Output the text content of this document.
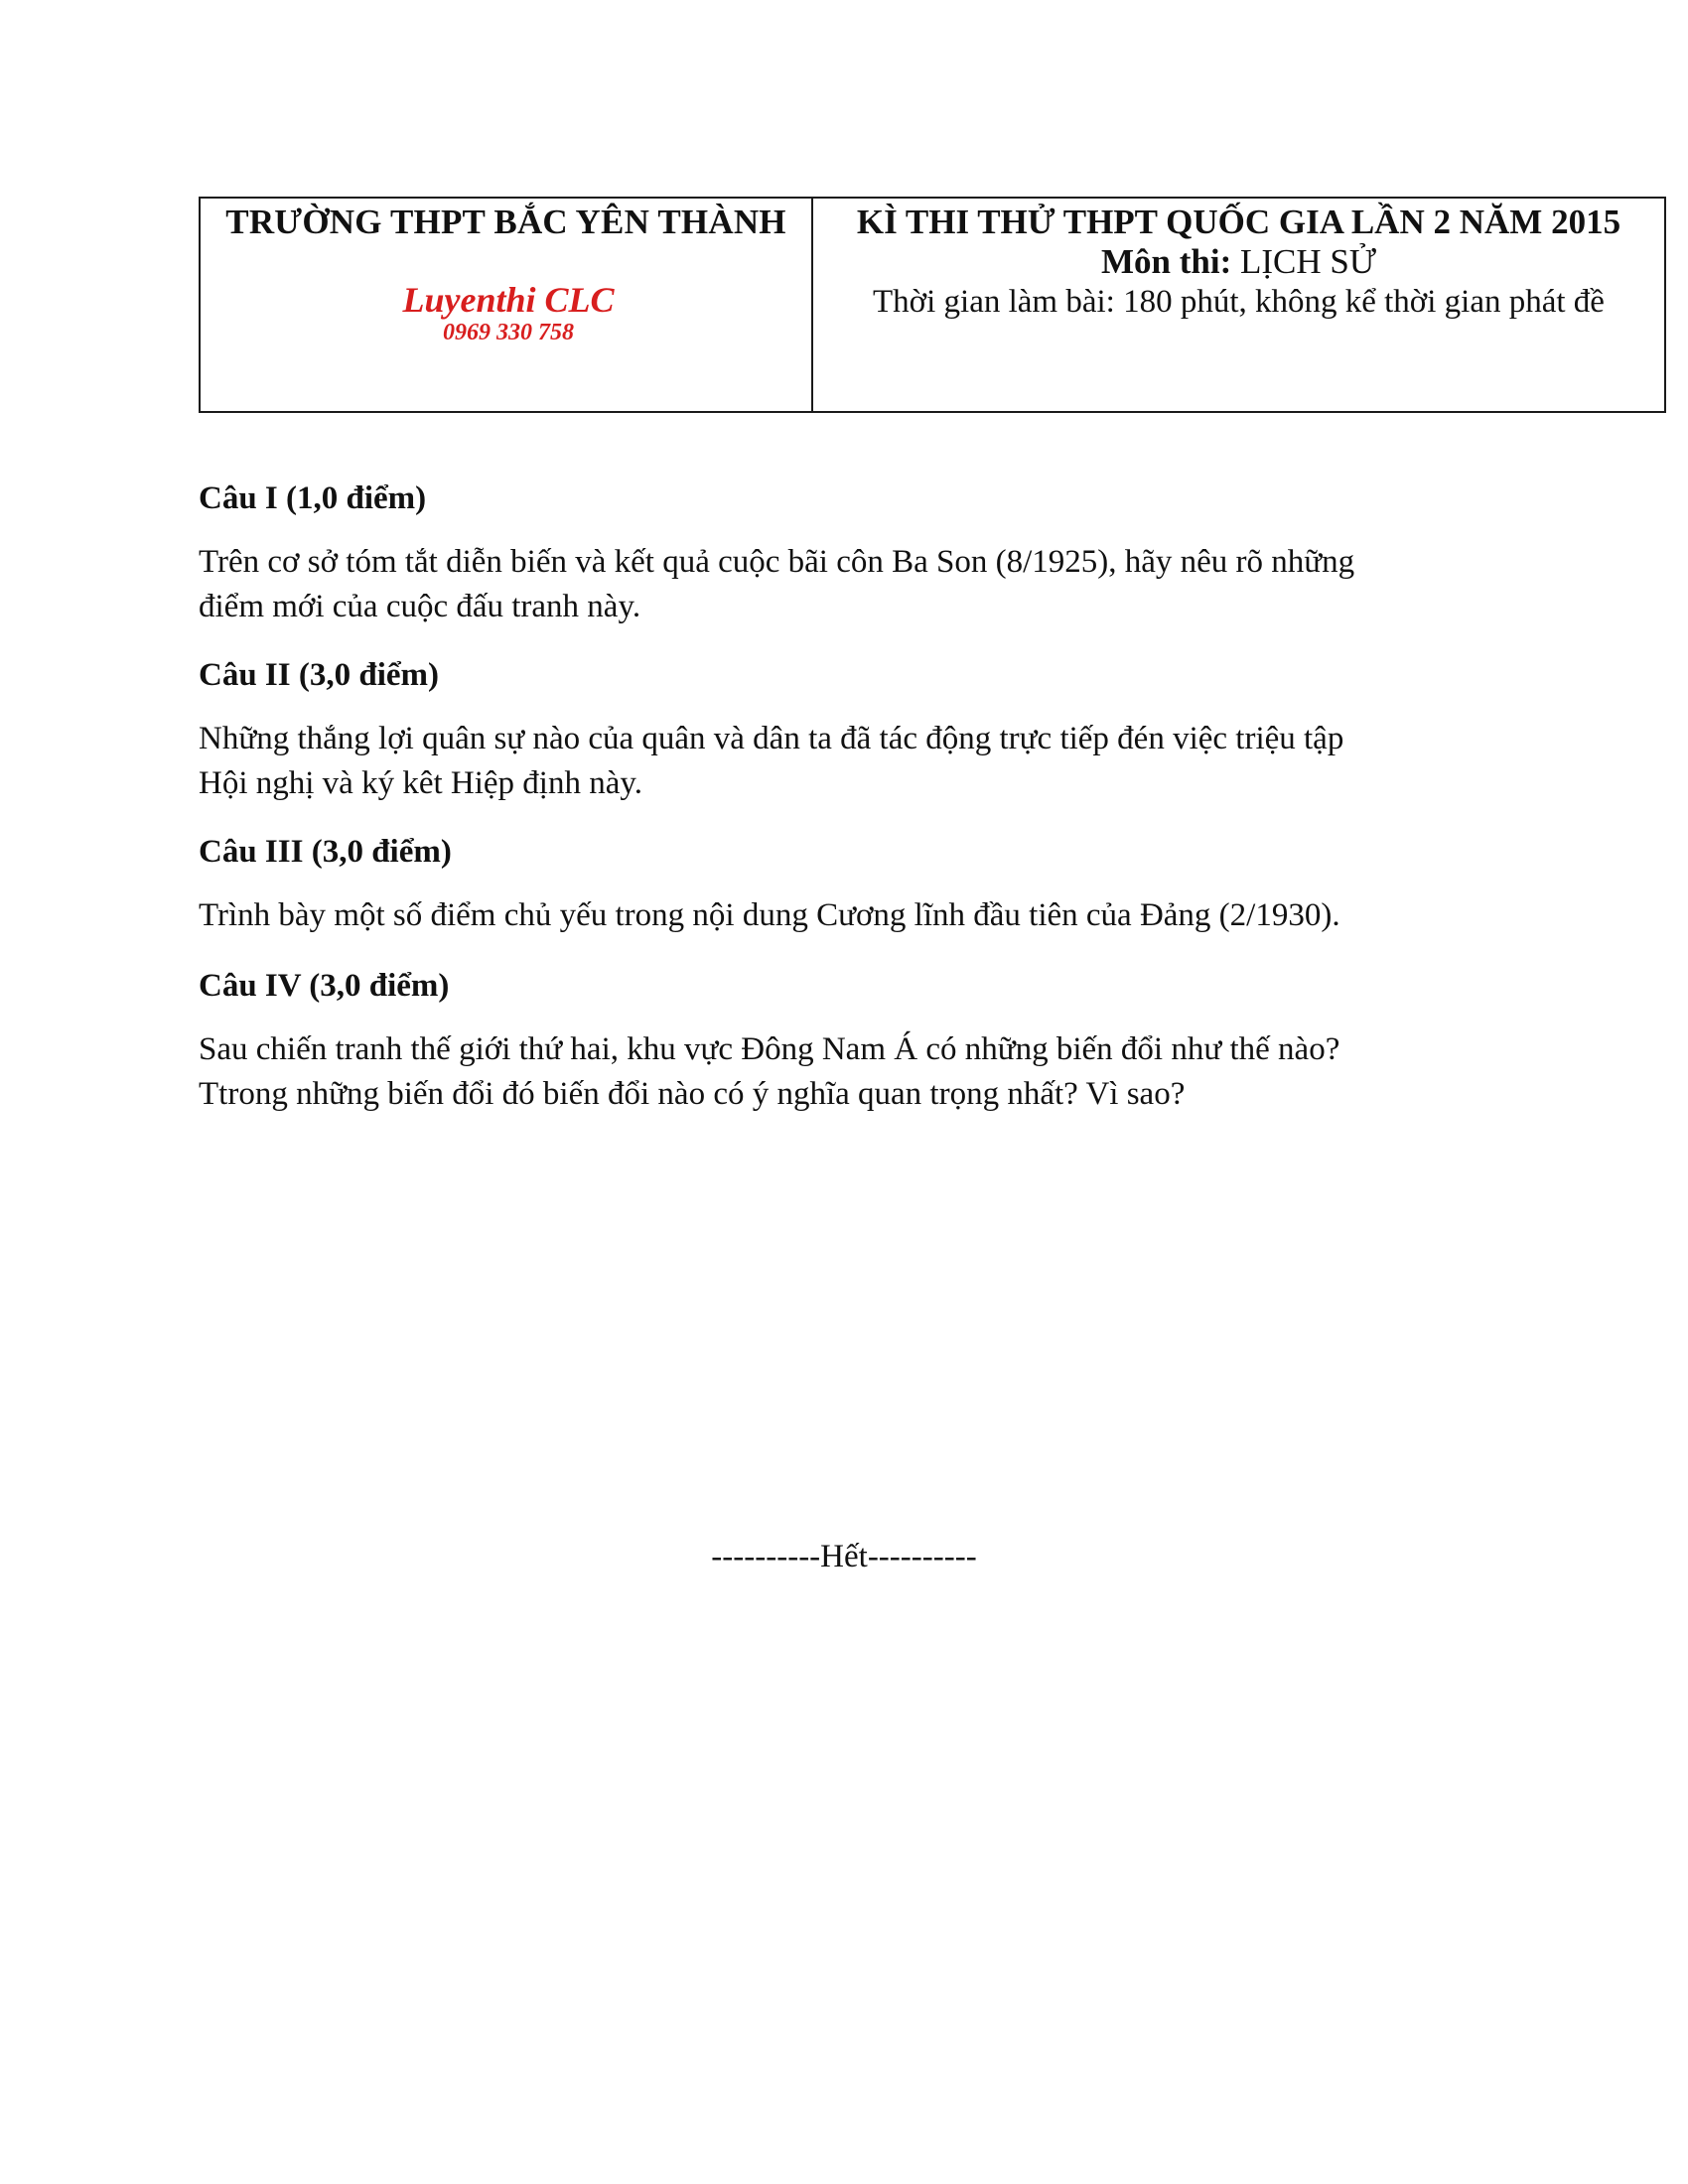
TRƯỜNG THPT BẮC YÊN THÀNH
Luyenthi CLC
0969 330 758
KÌ THI THỬ THPT QUỐC GIA LẦN 2 NĂM 2015
Môn thi: LỊCH SỬ
Thời gian làm bài: 180 phút, không kể thời gian phát đề

Câu I (1,0 điểm)

Trên cơ sở tóm tắt diễn biến và kết quả cuộc bãi côn Ba Son (8/1925), hãy nêu rõ những
điểm mới của cuộc đấu tranh này.

Câu II (3,0 điểm)

Những thắng lợi quân sự nào của quân và dân ta đã tác động trực tiếp đén việc triệu tập
Hội nghị và ký kêt Hiệp định này.

Câu III (3,0 điểm)

Trình bày một số điểm chủ yếu trong nội dung Cương lĩnh đầu tiên của Đảng (2/1930).

Câu IV (3,0 điểm)

Sau chiến tranh thế giới thứ hai, khu vực Đông Nam Á có những biến đổi như thế nào?
Ttrong những biến đổi đó biến đổi nào có ý nghĩa quan trọng nhất? Vì sao?

----------Hết----------
